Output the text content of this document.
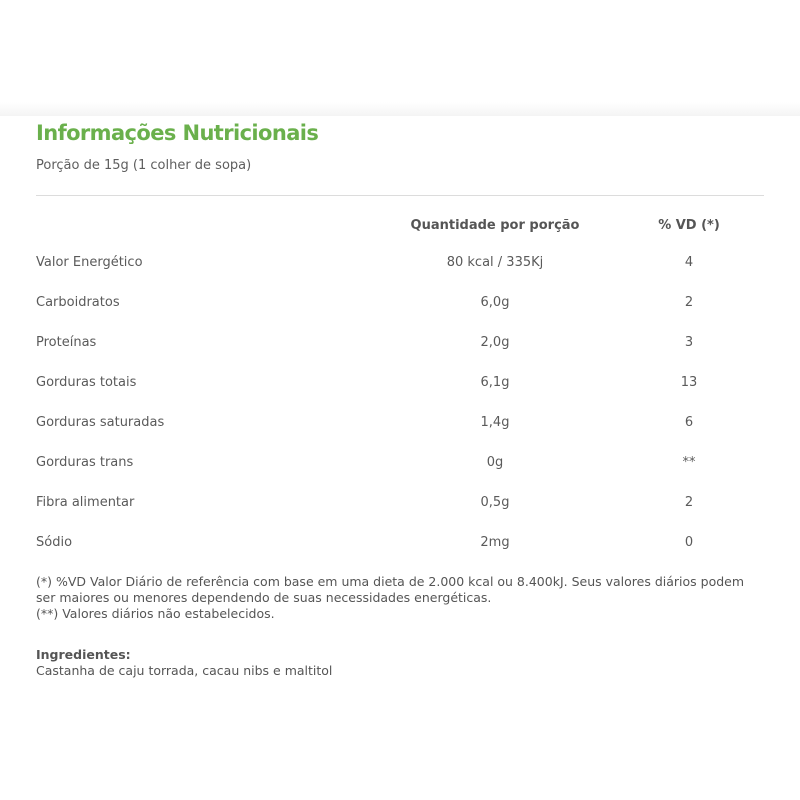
Informações Nutricionais
Porção de 15g (1 colher de sopa)
	Quantidade por porção	% VD (*)
Valor Energético	80 kcal / 335Kj	4
Carboidratos	6,0g	2
Proteínas	2,0g	3
Gorduras totais	6,1g	13
Gorduras saturadas	1,4g	6
Gorduras trans	0g	**
Fibra alimentar	0,5g	2
Sódio	2mg	0

(*) %VD Valor Diário de referência com base em uma dieta de 2.000 kcal ou 8.400kJ. Seus valores diários podem ser maiores ou menores dependendo de suas necessidades energéticas.

(**) Valores diários não estabelecidos.

Ingredientes:
Castanha de caju torrada, cacau nibs e maltitol
